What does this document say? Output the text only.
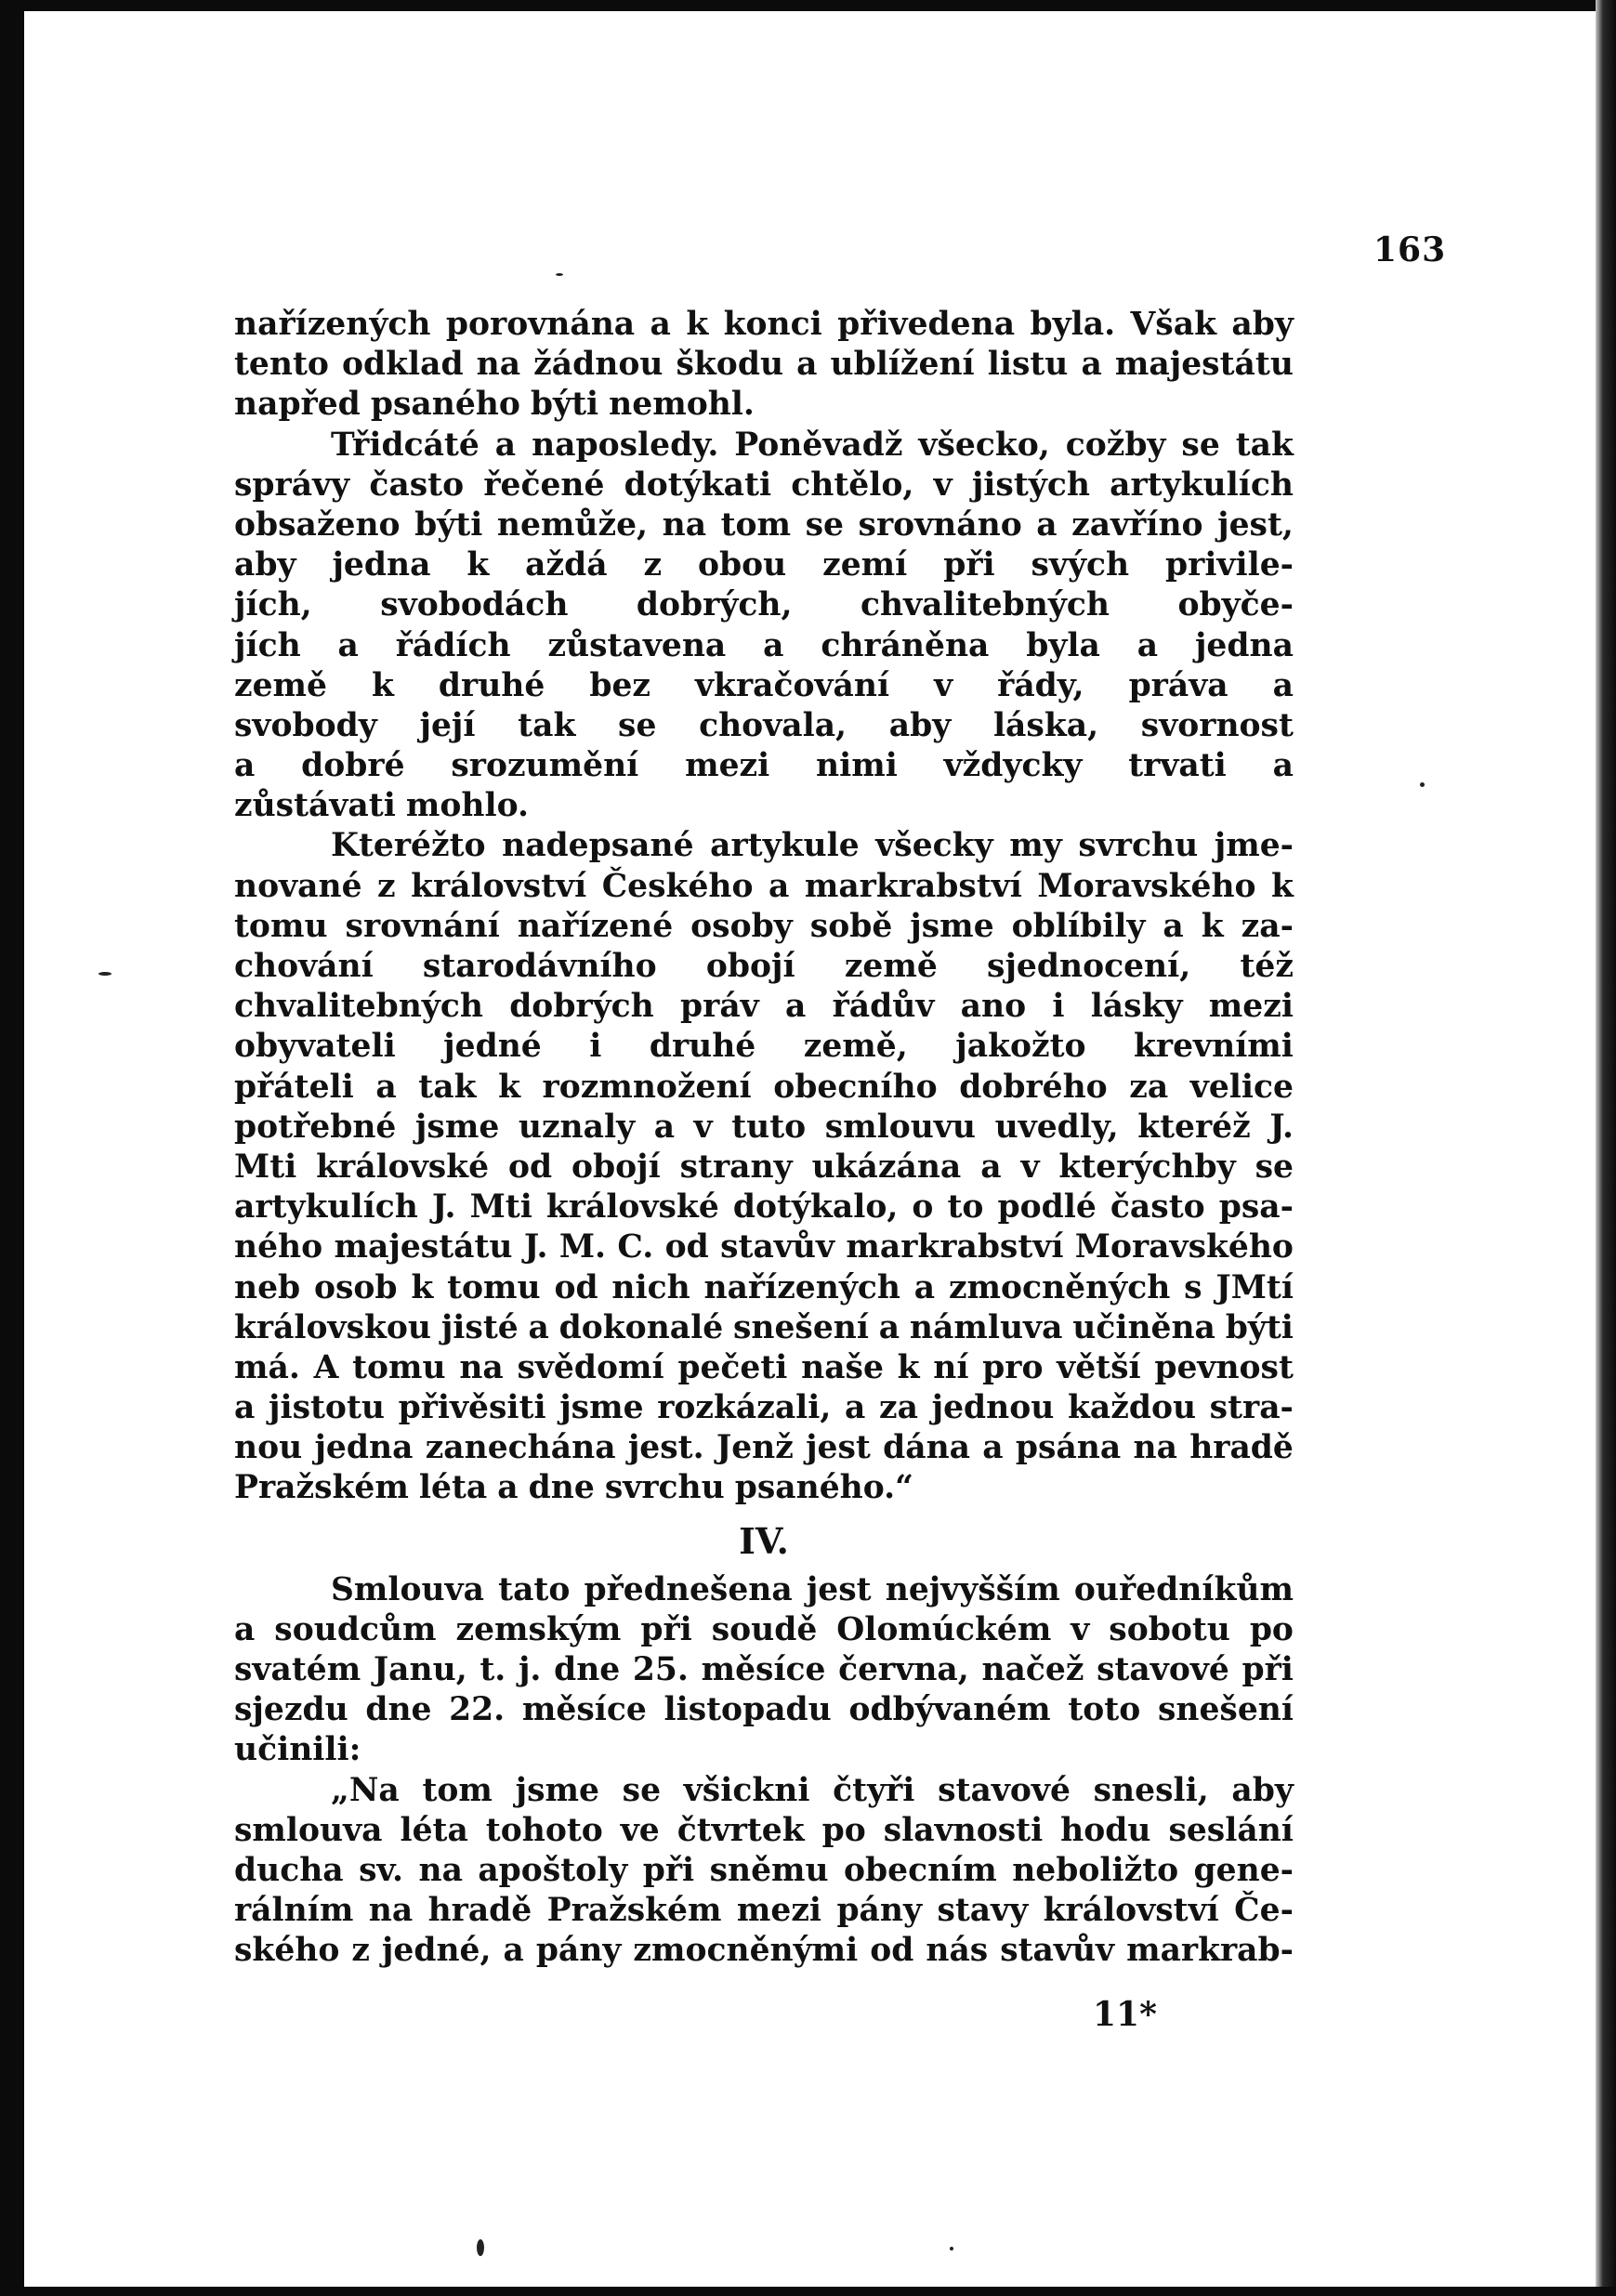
163
nařízených porovnána a k konci přivedena byla. Však aby
tento odklad na žádnou škodu a ublížení listu a majestátu
napřed psaného býti nemohl.
Třidcáté a naposledy. Poněvadž všecko, cožby se tak
správy často řečené dotýkati chtělo, v jistých artykulích
obsaženo býti nemůže, na tom se srovnáno a zavříno jest,
aby jedna k aždá z obou zemí při svých privile-
jích, svobodách dobrých, chvalitebných obyče-
jích a řádích zůstavena a chráněna byla a jedna
země k druhé bez vkračování v řády, práva a
svobody její tak se chovala, aby láska, svornost
a dobré srozumění mezi nimi vždycky trvati a
zůstávati mohlo.
Kteréžto nadepsané artykule všecky my svrchu jme-
nované z království Českého a markrabství Moravského k
tomu srovnání nařízené osoby sobě jsme oblíbily a k za-
chování starodávního obojí země sjednocení, též
chvalitebných dobrých práv a řádův ano i lásky mezi
obyvateli jedné i druhé země, jakožto krevními
přáteli a tak k rozmnožení obecního dobrého za velice
potřebné jsme uznaly a v tuto smlouvu uvedly, kteréž J.
Mti královské od obojí strany ukázána a v kterýchby se
artykulích J. Mti královské dotýkalo, o to podlé často psa-
ného majestátu J. M. C. od stavův markrabství Moravského
neb osob k tomu od nich nařízených a zmocněných s JMtí
královskou jisté a dokonalé snešení a námluva učiněna býti
má. A tomu na svědomí pečeti naše k ní pro větší pevnost
a jistotu přivěsiti jsme rozkázali, a za jednou každou stra-
nou jedna zanechána jest. Jenž jest dána a psána na hradě
Pražském léta a dne svrchu psaného.“
IV.
Smlouva tato přednešena jest nejvyšším ouředníkům
a soudcům zemským při soudě Olomúckém v sobotu po
svatém Janu, t. j. dne 25. měsíce června, načež stavové při
sjezdu dne 22. měsíce listopadu odbývaném toto snešení
učinili:
„Na tom jsme se všickni čtyři stavové snesli, aby
smlouva léta tohoto ve čtvrtek po slavnosti hodu seslání
ducha sv. na apoštoly při sněmu obecním neboližto gene-
rálním na hradě Pražském mezi pány stavy království Če-
ského z jedné, a pány zmocněnými od nás stavův markrab-
11*
